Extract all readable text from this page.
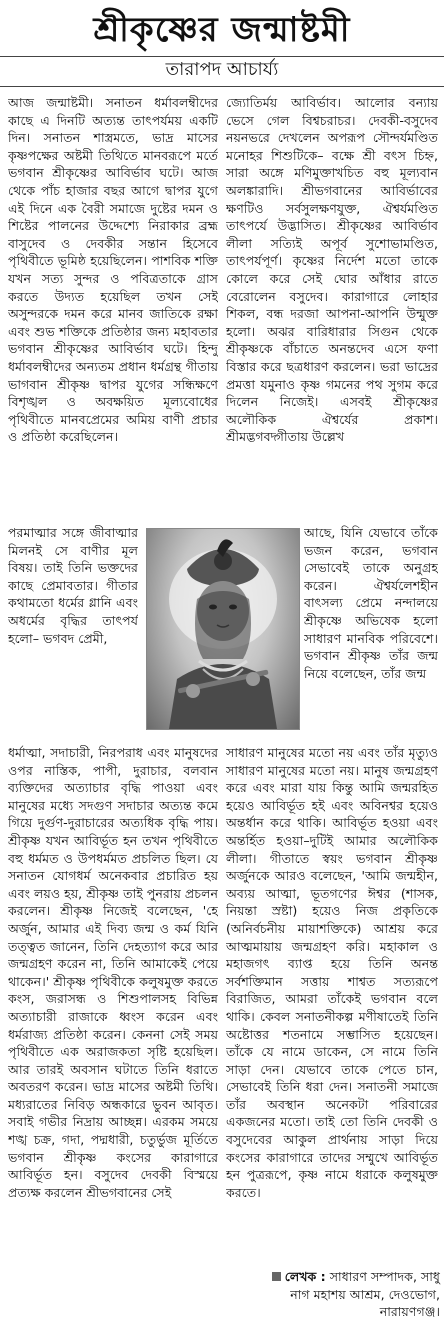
শ্রীকৃষ্ণের জন্মাষ্টমী
তারাপদ আচার্য্য

আজ জন্মাষ্টমী। সনাতন ধর্মাবলম্বীদের কাছে এ দিনটি অত্যন্ত তাৎপর্যময় একটি দিন। সনাতন শাস্ত্রমতে, ভাদ্র মাসের কৃষ্ণপক্ষের অষ্টমী তিথিতে মানবরূপে মর্তে ভগবান শ্রীকৃষ্ণের আবির্ভাব ঘটে। আজ থেকে পাঁচ হাজার বছর আগে দ্বাপর যুগে এই দিনে এক বৈরী সমাজে দুষ্টের দমন ও শিষ্টের পালনের উদ্দেশ্যে নিরাকার ব্রহ্ম বাসুদেব ও দেবকীর সন্তান হিসেবে পৃথিবীতে ভূমিষ্ঠ হয়েছিলেন। পাশবিক শক্তি যখন সত্য সুন্দর ও পবিত্রতাকে গ্রাস করতে উদ্যত হয়েছিল তখন সেই অসুন্দরকে দমন করে মানব জাতিকে রক্ষা এবং শুভ শক্তিকে প্রতিষ্ঠার জন্য মহাবতার ভগবান শ্রীকৃষ্ণের আবির্ভাব ঘটে। হিন্দু ধর্মাবলম্বীদের অন্যতম প্রধান ধর্মগ্রন্থ গীতায় ভাগবান শ্রীকৃষ্ণ দ্বাপর যুগের সন্ধিক্ষণে বিশৃঙ্খল ও অবক্ষয়িত মূল্যবোধের পৃথিবীতে মানবপ্রেমের অমিয় বাণী প্রচার ও প্রতিষ্ঠা করেছিলেন।

জ্যোতির্ময় আবির্ভাব। আলোর বন্যায় ভেসে গেল বিশ্বচরাচর। দেবকী-বসুদেব নয়নভরে দেখলেন অপরূপ সৌন্দর্যমণ্ডিত মনোহর শিশুটিকে– বক্ষে শ্রী বৎস চিহ্ন, সারা অঙ্গে মণিমুক্তাখচিত বহু মূল্যবান অলঙ্কারাদি। শ্রীভগবানের আবির্ভাবের ক্ষণটিও সর্বসুলক্ষণযুক্ত, ঐশ্বর্যমণ্ডিত তাৎপর্যে উদ্ভাসিত। শ্রীকৃষ্ণের আবির্ভাব লীলা সত্যিই অপূর্ব সুশোভামণ্ডিত, তাৎপর্যপূর্ণ। কৃষ্ণের নির্দেশ মতো তাকে কোলে করে সেই ঘোর আঁধার রাতে বেরোলেন বসুদেব। কারাগারে লোহার শিকল, বন্ধ দরজা আপনা-আপনি উন্মুক্ত হলো। অঝর বারিধারার সিগুন থেকে শ্রীকৃষ্ণকে বাঁচাতে অনন্তদেব এসে ফণা বিস্তার করে ছত্রধারণ করলেন। ভরা ভাদ্রের প্রমত্তা যমুনাও কৃষ্ণ গমনের পথ সুগম করে দিলেন নিজেই। এসবই শ্রীকৃষ্ণের অলৌকিক ঐশ্বর্যের প্রকাশ। শ্রীমদ্ভগবদ্গীতায় উল্লেখ

পরমাত্মার সঙ্গে জীবাত্মার মিলনই সে বাণীর মূল বিষয়। তাই তিনি ভক্তদের কাছে প্রেমাবতার। গীতার কথামতো ধর্মের গ্লানি এবং অধর্মের বৃদ্ধির তাৎপর্য হলো– ভগবদ প্রেমী,

আছে, যিনি যেভাবে তাঁকে ভজন করেন, ভগবান সেভাবেই তাকে অনুগ্রহ করেন। ঐশ্বর্যলেশহীন বাৎসল্য প্রেমে নন্দালয়ে শ্রীকৃষ্ণে অভিষেক হলো সাধারণ মানবিক পরিবেশে। ভগবান শ্রীকৃষ্ণ তাঁর জন্ম নিয়ে বলেছেন, তাঁর জন্ম

ধর্মাত্মা, সদাচারী, নিরপরাধ এবং মানুষদের ওপর নাস্তিক, পাপী, দুরাচার, বলবান ব্যক্তিদের অত্যাচার বৃদ্ধি পাওয়া এবং মানুষের মধ্যে সদগুণ সদাচার অত্যন্ত কমে গিয়ে দুর্গুণ-দুরাচারের অত্যধিক বৃদ্ধি পায়। শ্রীকৃষ্ণ যখন আবির্ভূত হন তখন পৃথিবীতে বহু ধর্মমত ও উপধর্মমত প্রচলিত ছিল। যে সনাতন যোগধর্ম অনেকবার প্রচারিত হয় এবং লয়ও হয়, শ্রীকৃষ্ণ তাই পুনরায় প্রচলন করলেন। শ্রীকৃষ্ণ নিজেই বলেছেন, 'হে অর্জুন, আমার এই দিব্য জন্ম ও কর্ম যিনি তত্ত্বত জানেন, তিনি দেহত্যাগ করে আর জন্মগ্রহণ করেন না, তিনি আমাকেই পেয়ে থাকেন।' শ্রীকৃষ্ণ পৃথিবীকে কলুষমুক্ত করতে কংস, জরাসন্ধ ও শিশুপালসহ বিভিন্ন অত্যাচারী রাজাকে ধ্বংস করেন এবং ধর্মরাজ্য প্রতিষ্ঠা করেন। কেননা সেই সময় পৃথিবীতে এক অরাজকতা সৃষ্টি হয়েছিল। আর তারই অবসান ঘটাতে তিনি ধরাতে অবতরণ করেন। ভাদ্র মাসের অষ্টমী তিথি। মধ্যরাতের নিবিড় অন্ধকারে ভুবন আবৃত। সবাই গভীর নিদ্রায় আচ্ছন্ন। এরকম সময়ে শঙ্খ চক্র, গদা, পদ্মধারী, চতুর্ভুজ মূর্তিতে ভগবান শ্রীকৃষ্ণ কংসের কারাগারে আবির্ভূত হন। বসুদেব দেবকী বিস্ময়ে প্রত্যক্ষ করলেন শ্রীভগবানের সেই

সাধারণ মানুষের মতো নয় এবং তাঁর মৃত্যুও সাধারণ মানুষের মতো নয়। মানুষ জন্মগ্রহণ করে এবং মারা যায় কিন্তু আমি জন্মরহিত হয়েও আবির্ভূত হই এবং অবিনশ্বর হয়েও অন্তর্ধান করে থাকি। আবির্ভূত হওয়া এবং অন্তর্হিত হওয়া–দুটিই আমার অলৌকিক লীলা। গীতাতে স্বয়ং ভগবান শ্রীকৃষ্ণ অর্জুনকে আরও বলেছেন, 'আমি জন্মহীন, অব্যয় আত্মা, ভূতগণের ঈশ্বর (শাসক, নিয়ন্তা স্রষ্টা) হয়েও নিজ প্রকৃতিকে (অনির্বচনীয় মায়াশক্তিকে) আশ্রয় করে আত্মমায়ায় জন্মগ্রহণ করি। মহাকাল ও মহাজগৎ ব্যাপ্ত হয়ে তিনি অনন্ত সর্বশক্তিমান সত্তায় শাশ্বত সত্যরূপে বিরাজিত, আমরা তাঁকেই ভগবান বলে থাকি। কেবল সনাতনীকল্প মণীষাতেই তিনি অষ্টোত্তর শতনামে সম্ভাসিত হয়েছেন। তাঁকে যে নামে ডাকেন, সে নামে তিনি সাড়া দেন। যেভাবে তাকে পেতে চান, সেভাবেই তিনি ধরা দেন। সনাতনী সমাজে তাঁর অবস্থান অনেকটা পরিবারের একজনের মতো। তাই তো তিনি দেবকী ও বসুদেবের আকুল প্রার্থনায় সাড়া দিয়ে কংসের কারাগারে তাদের সম্মুখে আবির্ভূত হন পুত্ররূপে, কৃষ্ণ নামে ধরাকে কলুষমুক্ত করতে।

লেখক : সাধারণ সম্পাদক, সাধু নাগ মহাশয় আশ্রম, দেওভোগ, নারায়ণগঞ্জ।
